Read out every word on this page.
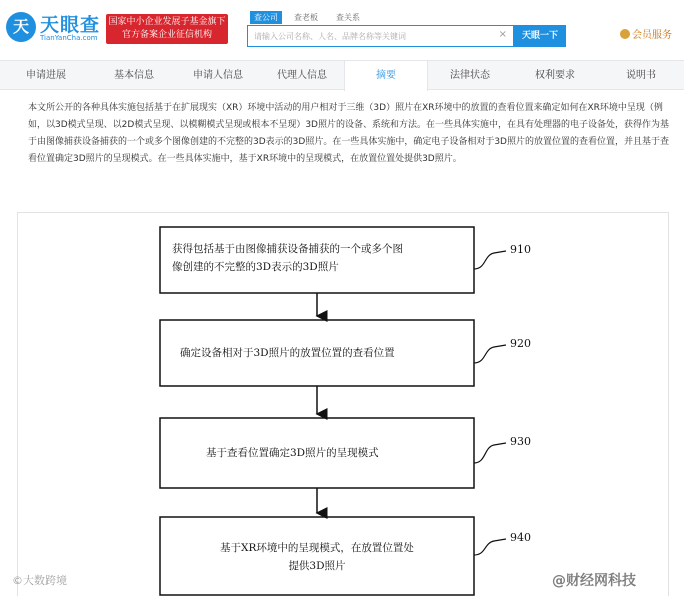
天 天眼查
TianYanCha.com
国家中小企业发展子基金旗下
官方备案企业征信机构
查公司	查老板 查关系
请输入公司名称、人名、品牌名称等关键词
×	天眼一下	会员服务
申请进展	基本信息	申请人信息	代理人信息	摘要	法律状态	权利要求	说明书
本文所公开的各种具体实施包括基于在扩展现实（XR）环境中活动的用户相对于三维（3D）照片在XR环境中的放置的查看位置来确定如何在XR环境中呈现（例如，以3D模式呈现、以2D模式呈现、以模糊模式呈现或根本不呈现）3D照片的设备、系统和方法。在一些具体实施中，在具有处理器的电子设备处，获得作为基于由图像捕获设备捕获的一个或多个图像创建的不完整的3D表示的3D照片。在一些具体实施中，确定电子设备相对于3D照片的放置位置的查看位置，并且基于查看位置确定3D照片的呈现模式。在一些具体实施中，基于XR环境中的呈现模式，在放置位置处提供3D照片。
获得包括基于由图像捕获设备捕获的一个或多个图
像创建的不完整的3D表示的3D照片
910
确定设备相对于3D照片的放置位置的查看位置
920
基于查看位置确定3D照片的呈现模式
930
基于XR环境中的呈现模式，在放置位置处
提供3D照片
940
©大数跨境	@财经网科技
